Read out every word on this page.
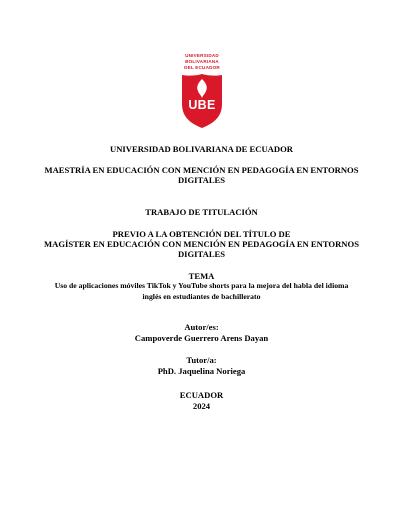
UNIVERSIDAD
BOLIVARIANA
DEL ECUADOR
UBE
UNIVERSIDAD BOLIVARIANA DE ECUADOR
MAESTRÍA EN EDUCACIÓN CON MENCIÓN EN PEDAGOGÍA EN ENTORNOS
DIGITALES
TRABAJO DE TITULACIÓN
PREVIO A LA OBTENCIÓN DEL TÍTULO DE
MAGÍSTER EN EDUCACIÓN CON MENCIÓN EN PEDAGOGÍA EN ENTORNOS
DIGITALES
TEMA
Uso de aplicaciones móviles TikTok y YouTube shorts para la mejora del habla del idioma
inglés en estudiantes de bachillerato
Autor/es:
Campoverde Guerrero Arens Dayan
Tutor/a:
PhD. Jaquelina Noriega
ECUADOR
2024
